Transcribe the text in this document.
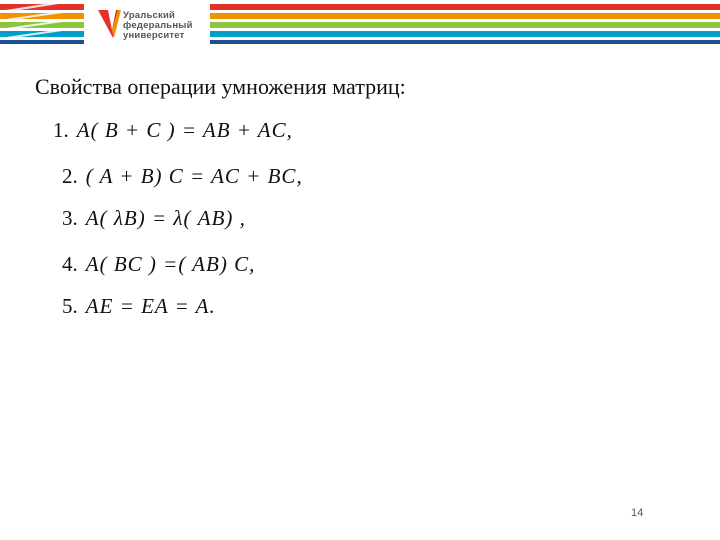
Уральский
федеральный
университет
Свойства операции умножения матриц:
1. A( B + C ) = AB + AC,
2. ( A + B) C = AC + BC,
3. A( λB) = λ( AB) ,
4. A( BC ) =( AB) C,
5. AE = EA = A.
14
